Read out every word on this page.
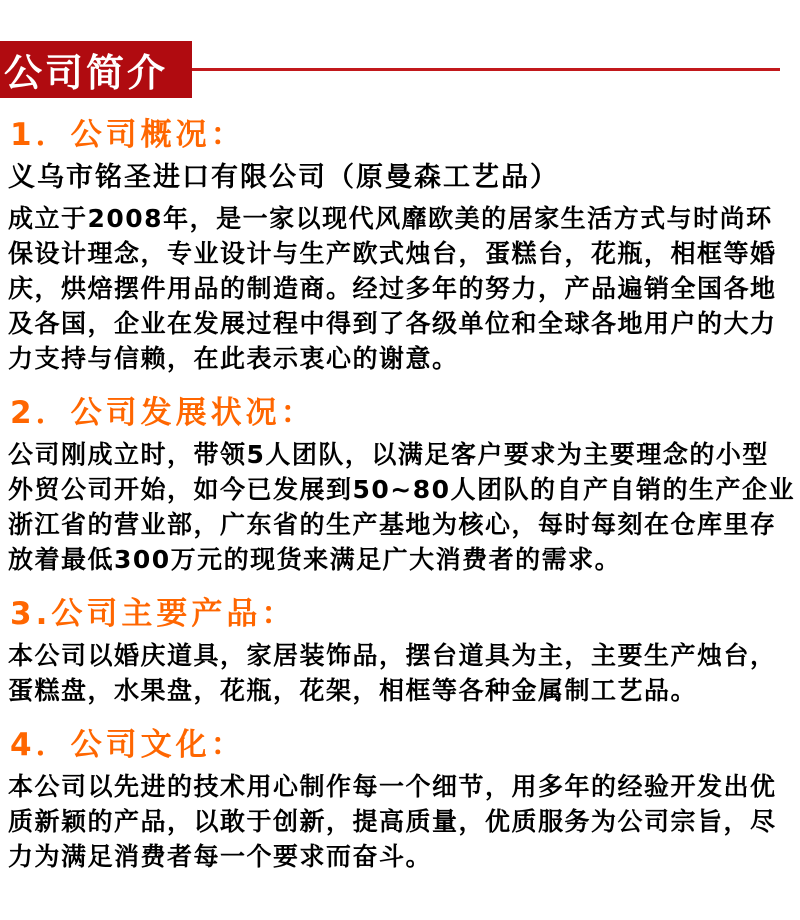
公司简介
1．公司概况：
义乌市铭圣进口有限公司（原曼森工艺品）
成立于2008年，是一家以现代风靡欧美的居家生活方式与时尚环
保设计理念，专业设计与生产欧式烛台，蛋糕台，花瓶，相框等婚
庆，烘焙摆件用品的制造商。经过多年的努力，产品遍销全国各地
及各国，企业在发展过程中得到了各级单位和全球各地用户的大力
力支持与信赖，在此表示衷心的谢意。
2．公司发展状况：
公司刚成立时，带领5人团队，以满足客户要求为主要理念的小型
外贸公司开始，如今已发展到50~80人团队的自产自销的生产企业
浙江省的营业部，广东省的生产基地为核心，每时每刻在仓库里存
放着最低300万元的现货来满足广大消费者的需求。
3.公司主要产品：
本公司以婚庆道具，家居装饰品，摆台道具为主，主要生产烛台，
蛋糕盘，水果盘，花瓶，花架，相框等各种金属制工艺品。
4．公司文化：
本公司以先进的技术用心制作每一个细节，用多年的经验开发出优
质新颖的产品，以敢于创新，提高质量，优质服务为公司宗旨，尽
力为满足消费者每一个要求而奋斗。
